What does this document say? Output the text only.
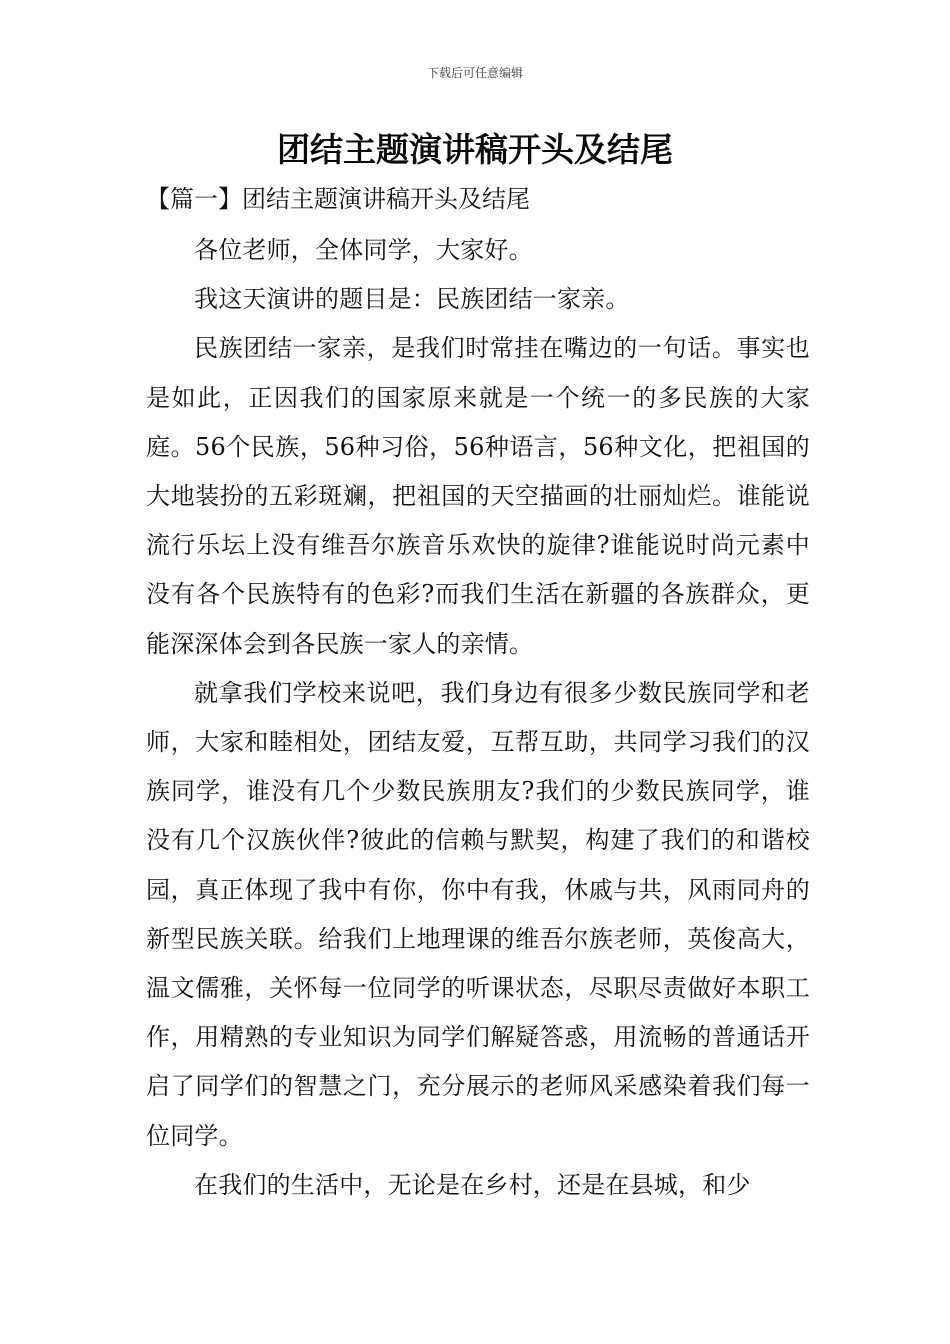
下载后可任意编辑
团结主题演讲稿开头及结尾
【篇一】团结主题演讲稿开头及结尾

各位老师，全体同学，大家好。

我这天演讲的题目是：民族团结一家亲。

民族团结一家亲，是我们时常挂在嘴边的一句话。事实也是如此，正因我们的国家原来就是一个统一的多民族的大家庭。56个民族，56种习俗，56种语言，56种文化，把祖国的大地装扮的五彩斑斓，把祖国的天空描画的壮丽灿烂。谁能说流行乐坛上没有维吾尔族音乐欢快的旋律?谁能说时尚元素中没有各个民族特有的色彩?而我们生活在新疆的各族群众，更能深深体会到各民族一家人的亲情。

就拿我们学校来说吧，我们身边有很多少数民族同学和老师，大家和睦相处，团结友爱，互帮互助，共同学习我们的汉族同学，谁没有几个少数民族朋友?我们的少数民族同学，谁没有几个汉族伙伴?彼此的信赖与默契，构建了我们的和谐校园，真正体现了我中有你，你中有我，休戚与共，风雨同舟的新型民族关联。给我们上地理课的维吾尔族老师，英俊高大，温文儒雅，关怀每一位同学的听课状态，尽职尽责做好本职工作，用精熟的专业知识为同学们解疑答惑，用流畅的普通话开启了同学们的智慧之门，充分展示的老师风采感染着我们每一位同学。

在我们的生活中，无论是在乡村，还是在县城，和少
